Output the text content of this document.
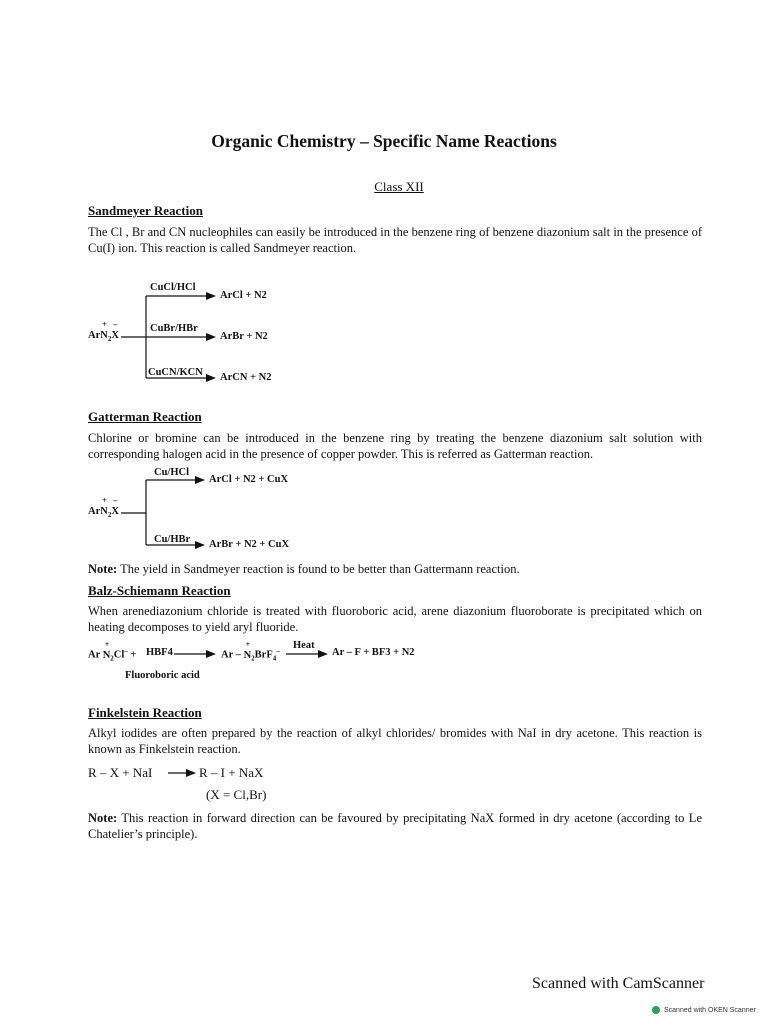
Organic Chemistry – Specific Name Reactions
Class XII
Sandmeyer Reaction
The Cl , Br and CN nucleophiles can easily be introduced in the benzene ring of benzene diazonium salt in the presence of Cu(I) ion. This reaction is called Sandmeyer reaction.
ArN
+
$_2$X
–
CuCl/HCl
CuBr/HBr
CuCN/KCN
ArCl + N2
ArBr + N2
ArCN + N2
Gatterman Reaction
Chlorine or bromine can be introduced in the benzene ring by treating the benzene diazonium salt solution with corresponding halogen acid in the presence of copper powder. This is referred as Gatterman reaction.
ArN
+
$_2$X
–
Cu/HCl
Cu/HBr
ArCl + N2 + CuX
ArBr + N2 + CuX
Note: The yield in Sandmeyer reaction is found to be better than Gattermann reaction.
Balz-Schiemann Reaction
When arenediazonium chloride is treated with fluoroboric acid, arene diazonium fluoroborate is precipitated which on heating decomposes to yield aryl fluoride.
Ar N
+
$_2$Cl– + HBF4	Ar – N
+
$_2$BrF$_4$– Heat
Ar – F + BF3 + N2
Fluoroboric acid
Finkelstein Reaction
Alkyl iodides are often prepared by the reaction of alkyl chlorides/ bromides with NaI in dry acetone. This reaction is known as Finkelstein reaction.
R – X + NaI	R – I + NaX
(X = Cl,Br)
Note: This reaction in forward direction can be favoured by precipitating NaX formed in dry acetone (according to Le Chatelier’s principle).
Scanned with CamScanner
Scanned with OKEN Scanner
